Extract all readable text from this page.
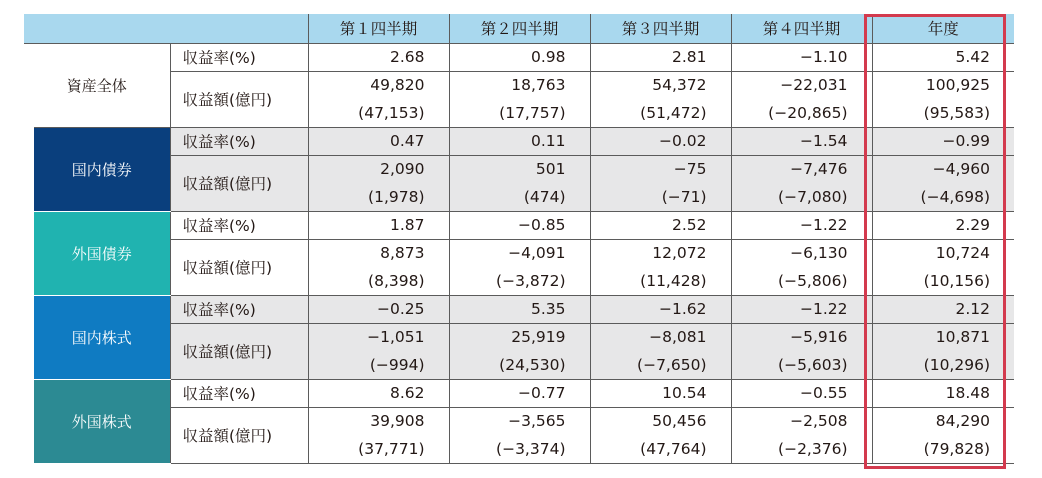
		第１四半期	第２四半期	第３四半期	第４四半期	年度
資産全体	収益率(%)	2.68	0.98	2.81	−1.10	5.42
	収益額(億円)	49,820	18,763	54,372	−22,031	100,925
		(47,153)	(17,757)	(51,472)	(−20,865)	(95,583)
国内債券	収益率(%)	0.47	0.11	−0.02	−1.54	−0.99
	収益額(億円)	2,090	501	−75	−7,476	−4,960
		(1,978)	(474)	(−71)	(−7,080)	(−4,698)
外国債券	収益率(%)	1.87	−0.85	2.52	−1.22	2.29
	収益額(億円)	8,873	−4,091	12,072	−6,130	10,724
		(8,398)	(−3,872)	(11,428)	(−5,806)	(10,156)
国内株式	収益率(%)	−0.25	5.35	−1.62	−1.22	2.12
	収益額(億円)	−1,051	25,919	−8,081	−5,916	10,871
		(−994)	(24,530)	(−7,650)	(−5,603)	(10,296)
外国株式	収益率(%)	8.62	−0.77	10.54	−0.55	18.48
	収益額(億円)	39,908	−3,565	50,456	−2,508	84,290
		(37,771)	(−3,374)	(47,764)	(−2,376)	(79,828)
